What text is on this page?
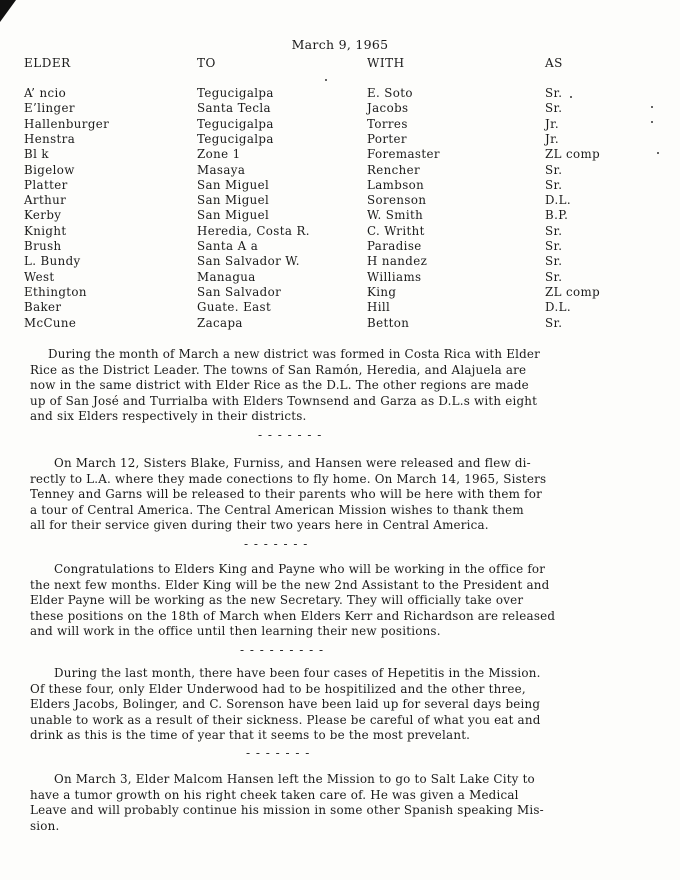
March 9, 1965
ELDER	TO	WITH	AS
A’ ncio	Tegucigalpa	E. Soto	Sr.
E’linger	Santa Tecla	Jacobs	Sr.
Hallenburger	Tegucigalpa	Torres	Jr.
Henstra	Tegucigalpa	Porter	Jr.
Bl k	Zone 1	Foremaster	ZL comp
Bigelow	Masaya	Rencher	Sr.
Platter	San Miguel	Lambson	Sr.
Arthur	San Miguel	Sorenson	D.L.
Kerby	San Miguel	W. Smith	B.P.
Knight	Heredia, Costa R.	C. Writht	Sr.
Brush	Santa A a	Paradise	Sr.
L. Bundy	San Salvador W.	H nandez	Sr.
West	Managua	Williams	Sr.
Ethington	San Salvador	King	ZL comp
Baker	Guate. East	Hill	D.L.
McCune	Zacapa	Betton	Sr.
During the month of March a new district was formed in Costa Rica with Elder
Rice as the District Leader. The towns of San Ramón, Heredia, and Alajuela are
now in the same district with Elder Rice as the D.L. The other regions are made
up of San José and Turrialba with Elders Townsend and Garza as D.L.s with eight
and six Elders respectively in their districts.
- - - - - - -
On March 12, Sisters Blake, Furniss, and Hansen were released and flew di-
rectly to L.A. where they made conections to fly home. On March 14, 1965, Sisters
Tenney and Garns will be released to their parents who will be here with them for
a tour of Central America. The Central American Mission wishes to thank them
all for their service given during their two years here in Central America.
- - - - - - -
Congratulations to Elders King and Payne who will be working in the office for
the next few months. Elder King will be the new 2nd Assistant to the President and
Elder Payne will be working as the new Secretary. They will officially take over
these positions on the 18th of March when Elders Kerr and Richardson are released
and will work in the office until then learning their new positions.
- - - - - - - - -
During the last month, there have been four cases of Hepetitis in the Mission.
Of these four, only Elder Underwood had to be hospitilized and the other three,
Elders Jacobs, Bolinger, and C. Sorenson have been laid up for several days being
unable to work as a result of their sickness. Please be careful of what you eat and
drink as this is the time of year that it seems to be the most prevelant.
- - - - - - -
On March 3, Elder Malcom Hansen left the Mission to go to Salt Lake City to
have a tumor growth on his right cheek taken care of. He was given a Medical
Leave and will probably continue his mission in some other Spanish speaking Mis-
sion.
